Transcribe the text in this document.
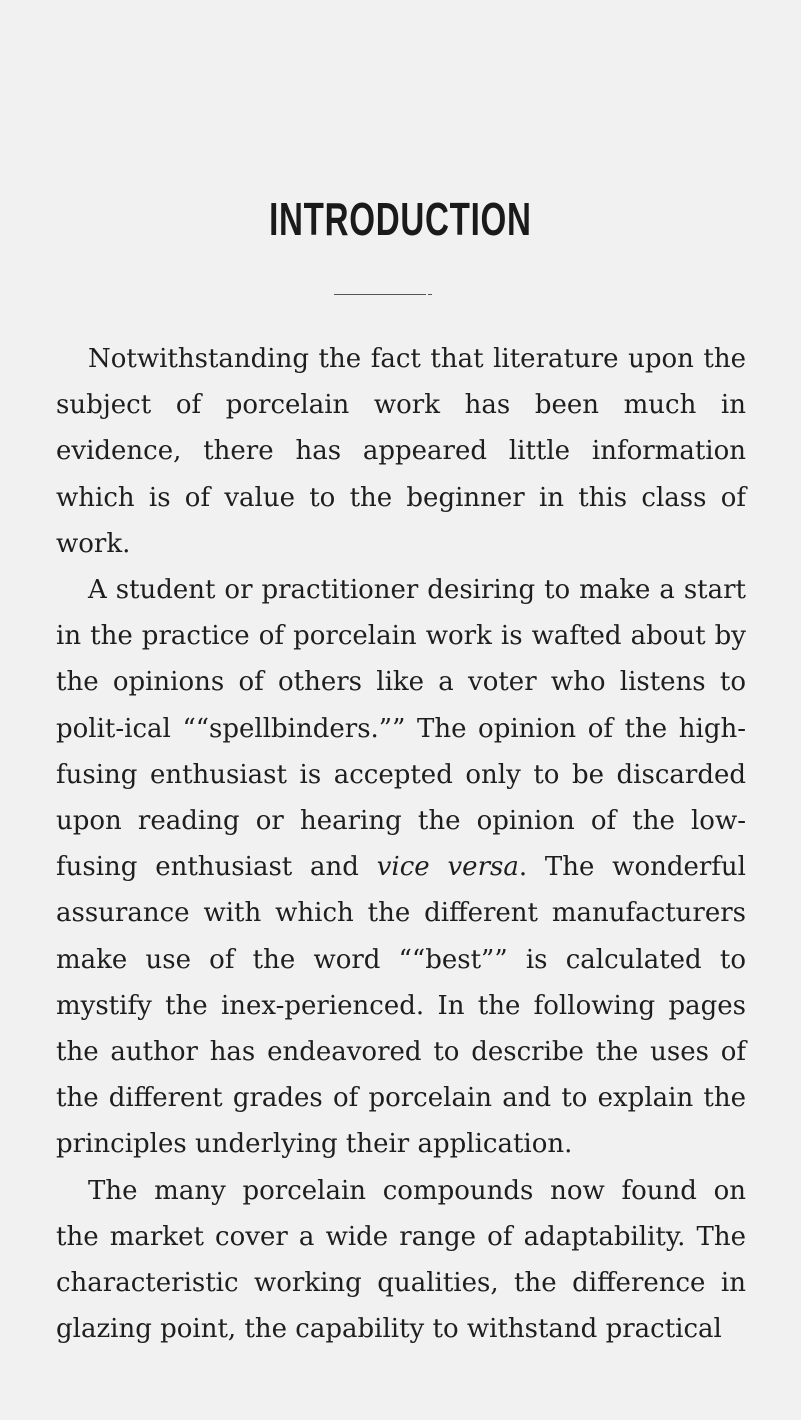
INTRODUCTION

Notwithstanding the fact that literature upon the subject of porcelain work has been much in evidence, there has appeared little information which is of value to the beginner in this class of work.

A student or practitioner desiring to make a start in the practice of porcelain work is wafted about by the opinions of others like a voter who listens to polit-ical ““spellbinders.”” The opinion of the high-fusing enthusiast is accepted only to be discarded upon reading or hearing the opinion of the low-fusing enthusiast and vice versa. The wonderful assurance with which the different manufacturers make use of the word ““best”” is calculated to mystify the inex-perienced. In the following pages the author has endeavored to describe the uses of the different grades of porcelain and to explain the principles underlying their application.

The many porcelain compounds now found on the market cover a wide range of adaptability. The characteristic working qualities, the difference in glazing point, the capability to withstand practical
